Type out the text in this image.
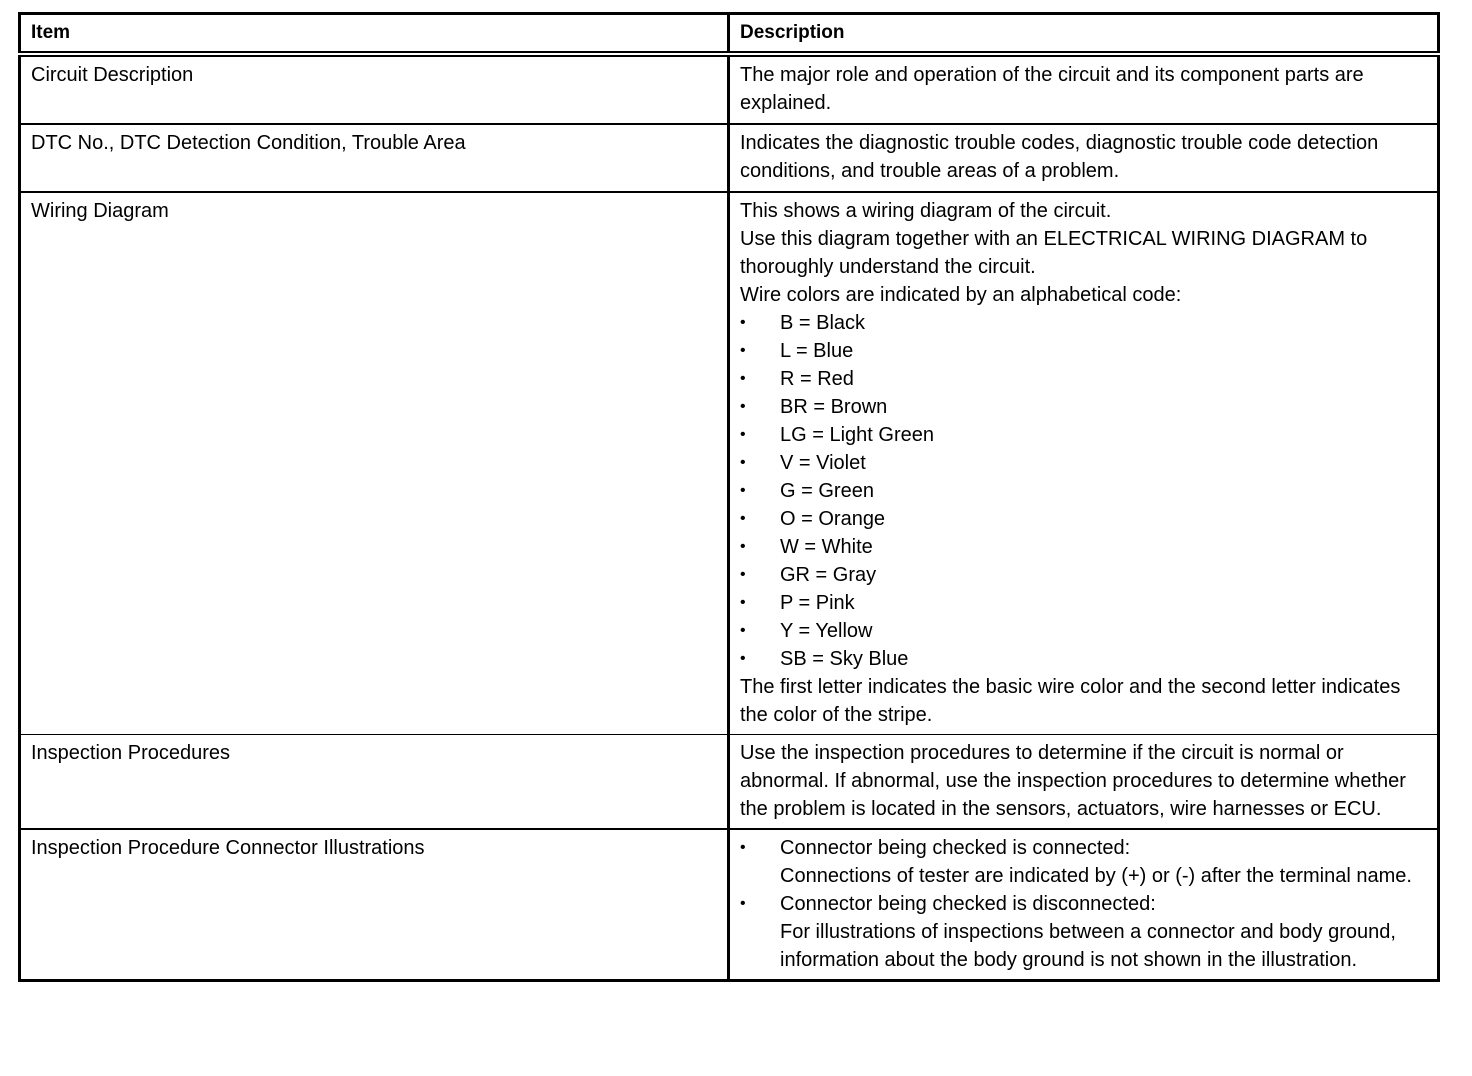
Item	Description
Circuit Description	The major role and operation of the circuit and its component parts are explained.
DTC No., DTC Detection Condition, Trouble Area	Indicates the diagnostic trouble codes, diagnostic trouble code detection conditions, and trouble areas of a problem.
Wiring Diagram	This shows a wiring diagram of the circuit.
Use this diagram together with an ELECTRICAL WIRING DIAGRAM to thoroughly understand the circuit.
Wire colors are indicated by an alphabetical code:
•	B = Black
•	L = Blue
•	R = Red
•	BR = Brown
•	LG = Light Green
•	V = Violet
•	G = Green
•	O = Orange
•	W = White
•	GR = Gray
•	P = Pink
•	Y = Yellow
•	SB = Sky Blue
The first letter indicates the basic wire color and the second letter indicates the color of the stripe.

Inspection Procedures	Use the inspection procedures to determine if the circuit is normal or abnormal. If abnormal, use the inspection procedures to determine whether the problem is located in the sensors, actuators, wire harnesses or ECU.
Inspection Procedure Connector Illustrations	•	Connector being checked is connected:
Connections of tester are indicated by (+) or (-) after the terminal name.
•	Connector being checked is disconnected:
For illustrations of inspections between a connector and body ground, information about the body ground is not shown in the illustration.
